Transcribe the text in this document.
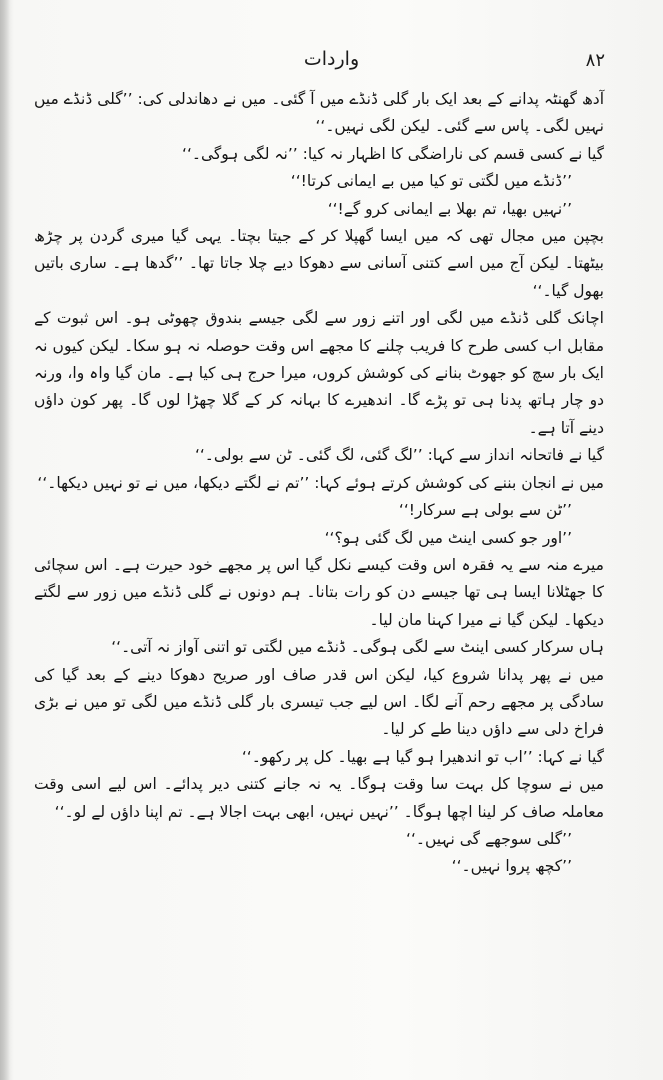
واردات	۸۲

آدھ گھنٹہ پدانے کے بعد ایک بار گلی ڈنڈے میں آ گئی۔ میں نے دھاندلی کی: ’’گلی ڈنڈے میں نہیں لگی۔ پاس سے گئی۔ لیکن لگی نہیں۔‘‘

گیا نے کسی قسم کی ناراضگی کا اظہار نہ کیا: ’’نہ لگی ہوگی۔‘‘

’’ڈنڈے میں لگتی تو کیا میں بے ایمانی کرتا!‘‘

’’نہیں بھیا، تم بھلا بے ایمانی کرو گے!‘‘

بچپن میں مجال تھی کہ میں ایسا گھپلا کر کے جیتا بچتا۔ یہی گیا میری گردن پر چڑھ بیٹھتا۔ لیکن آج میں اسے کتنی آسانی سے دھوکا دیے چلا جاتا تھا۔ ’’گدھا ہے۔ ساری باتیں بھول گیا۔‘‘

اچانک گلی ڈنڈے میں لگی اور اتنے زور سے لگی جیسے بندوق چھوٹی ہو۔ اس ثبوت کے مقابل اب کسی طرح کا فریب چلنے کا مجھے اس وقت حوصلہ نہ ہو سکا۔ لیکن کیوں نہ ایک بار سچ کو جھوٹ بنانے کی کوشش کروں، میرا حرج ہی کیا ہے۔ مان گیا واہ وا، ورنہ دو چار ہاتھ پدنا ہی تو پڑے گا۔ اندھیرے کا بہانہ کر کے گلا چھڑا لوں گا۔ پھر کون داؤں دینے آتا ہے۔

گیا نے فاتحانہ انداز سے کہا: ’’لگ گئی، لگ گئی۔ ٹن سے بولی۔‘‘

میں نے انجان بننے کی کوشش کرتے ہوئے کہا: ’’تم نے لگتے دیکھا، میں نے تو نہیں دیکھا۔‘‘

’’ٹن سے بولی ہے سرکار!‘‘

’’اور جو کسی اینٹ میں لگ گئی ہو؟‘‘

میرے منہ سے یہ فقرہ اس وقت کیسے نکل گیا اس پر مجھے خود حیرت ہے۔ اس سچائی کا جھٹلانا ایسا ہی تھا جیسے دن کو رات بتانا۔ ہم دونوں نے گلی ڈنڈے میں زور سے لگتے دیکھا۔ لیکن گیا نے میرا کہنا مان لیا۔

ہاں سرکار کسی اینٹ سے لگی ہوگی۔ ڈنڈے میں لگتی تو اتنی آواز نہ آتی۔‘‘

میں نے پھر پدانا شروع کیا، لیکن اس قدر صاف اور صریح دھوکا دینے کے بعد گیا کی سادگی پر مجھے رحم آنے لگا۔ اس لیے جب تیسری بار گلی ڈنڈے میں لگی تو میں نے بڑی فراخ دلی سے داؤں دینا طے کر لیا۔

گیا نے کہا: ’’اب تو اندھیرا ہو گیا ہے بھیا۔ کل پر رکھو۔‘‘

میں نے سوچا کل بہت سا وقت ہوگا۔ یہ نہ جانے کتنی دیر پدائے۔ اس لیے اسی وقت معاملہ صاف کر لینا اچھا ہوگا۔ ’’نہیں نہیں، ابھی بہت اجالا ہے۔ تم اپنا داؤں لے لو۔‘‘

’’گلی سوجھے گی نہیں۔‘‘

’’کچھ پروا نہیں۔‘‘
